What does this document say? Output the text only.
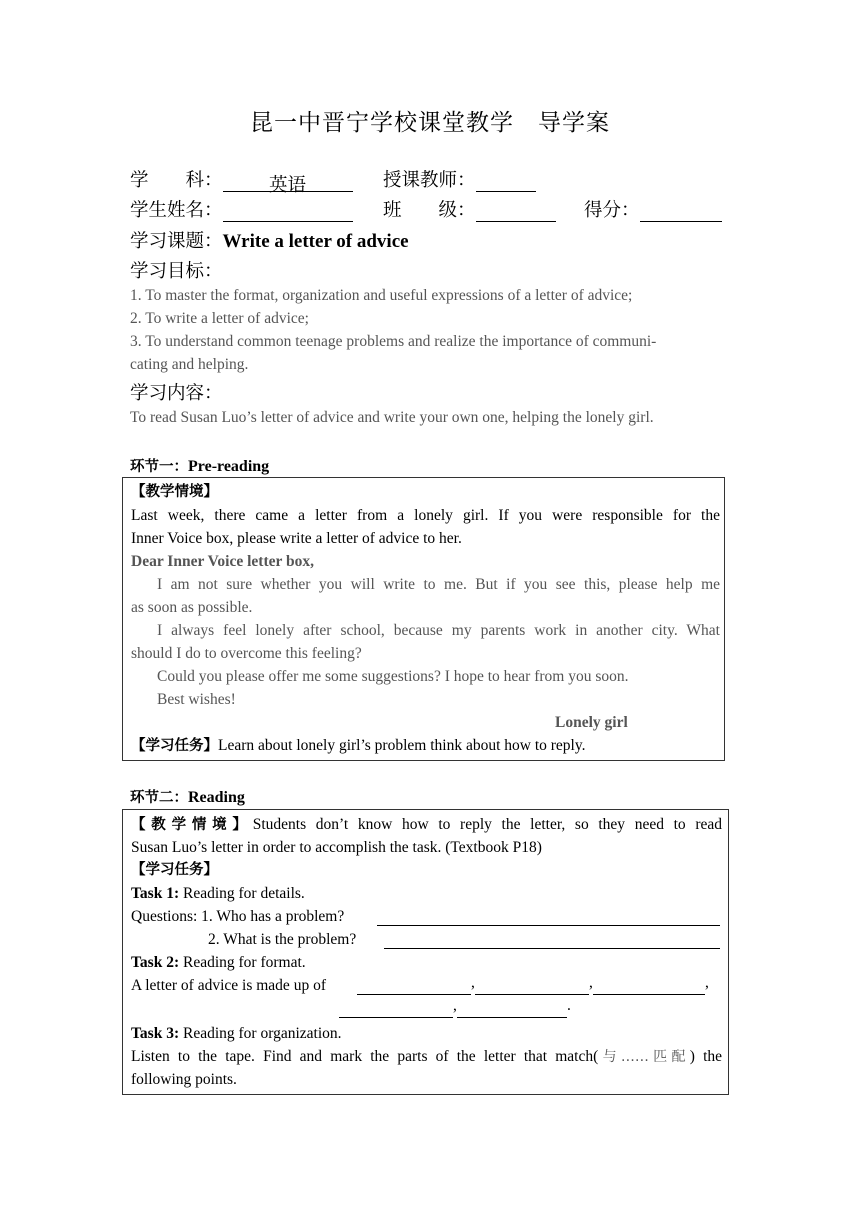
昆一中晋宁学校课堂教学　导学案
学　　科：	英语	授课教师：
学生姓名：	班　　级：	得分：
学习课题：Write a letter of advice
学习目标：
1. To master the format, organization and useful expressions of a letter of advice;
2. To write a letter of advice;
3. To understand common teenage problems and realize the importance of communi-
cating and helping.
学习内容：
To read Susan Luo’s letter of advice and write your own one, helping the lonely girl.
环节一：Pre-reading
【教学情境】
Last week, there came a letter from a lonely girl. If you were responsible for the
Inner Voice box, please write a letter of advice to her.
Dear Inner Voice letter box,
I am not sure whether you will write to me. But if you see this, please help me
as soon as possible.
I always feel lonely after school, because my parents work in another city. What
should I do to overcome this feeling?
Could you please offer me some suggestions? I hope to hear from you soon.
Best wishes!
Lonely girl
【学习任务】Learn about lonely girl’s problem think about how to reply.
环节二：Reading
【教学情境】Students don’t know how to reply the letter, so they need to read
Susan Luo’s letter in order to accomplish the task. (Textbook P18)
【学习任务】
Task 1: Reading for details.
Questions: 1. Who has a problem?
2. What is the problem?
Task 2: Reading for format.
A letter of advice is made up of	,	,	,
,	.
Task 3: Reading for organization.
Listen to the tape. Find and mark the parts of the letter that match(与……匹配) the
following points.
